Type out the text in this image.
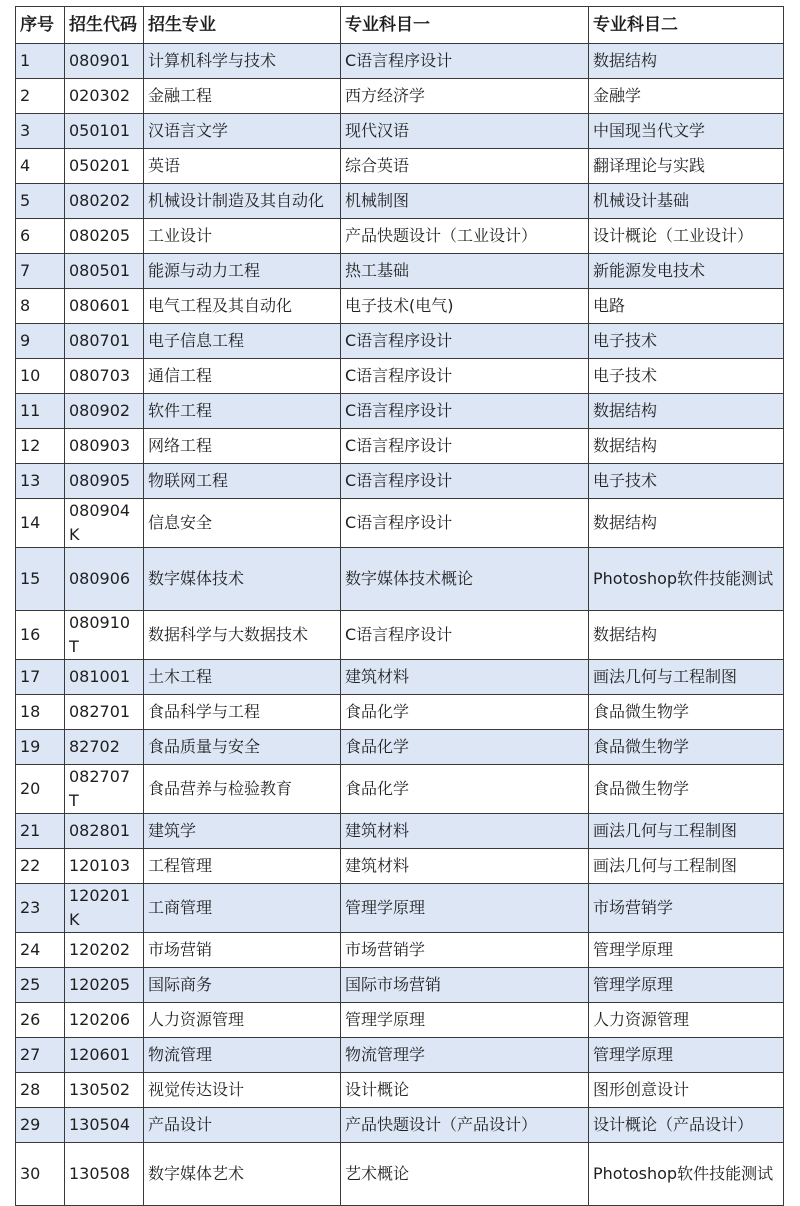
序号	招生代码	招生专业	专业科目一	专业科目二
1	080901	计算机科学与技术	C语言程序设计	数据结构
2	020302	金融工程	西方经济学	金融学
3	050101	汉语言文学	现代汉语	中国现当代文学
4	050201	英语	综合英语	翻译理论与实践
5	080202	机械设计制造及其自动化	机械制图	机械设计基础
6	080205	工业设计	产品快题设计（工业设计）	设计概论（工业设计）
7	080501	能源与动力工程	热工基础	新能源发电技术
8	080601	电气工程及其自动化	电子技术(电气)	电路
9	080701	电子信息工程	C语言程序设计	电子技术
10	080703	通信工程	C语言程序设计	电子技术
11	080902	软件工程	C语言程序设计	数据结构
12	080903	网络工程	C语言程序设计	数据结构
13	080905	物联网工程	C语言程序设计	电子技术
14	080904K	信息安全	C语言程序设计	数据结构
15	080906	数字媒体技术	数字媒体技术概论	Photoshop软件技能测试
16	080910T	数据科学与大数据技术	C语言程序设计	数据结构
17	081001	土木工程	建筑材料	画法几何与工程制图
18	082701	食品科学与工程	食品化学	食品微生物学
19	82702	食品质量与安全	食品化学	食品微生物学
20	082707T	食品营养与检验教育	食品化学	食品微生物学
21	082801	建筑学	建筑材料	画法几何与工程制图
22	120103	工程管理	建筑材料	画法几何与工程制图
23	120201K	工商管理	管理学原理	市场营销学
24	120202	市场营销	市场营销学	管理学原理
25	120205	国际商务	国际市场营销	管理学原理
26	120206	人力资源管理	管理学原理	人力资源管理
27	120601	物流管理	物流管理学	管理学原理
28	130502	视觉传达设计	设计概论	图形创意设计
29	130504	产品设计	产品快题设计（产品设计）	设计概论（产品设计）
30	130508	数字媒体艺术	艺术概论	Photoshop软件技能测试
